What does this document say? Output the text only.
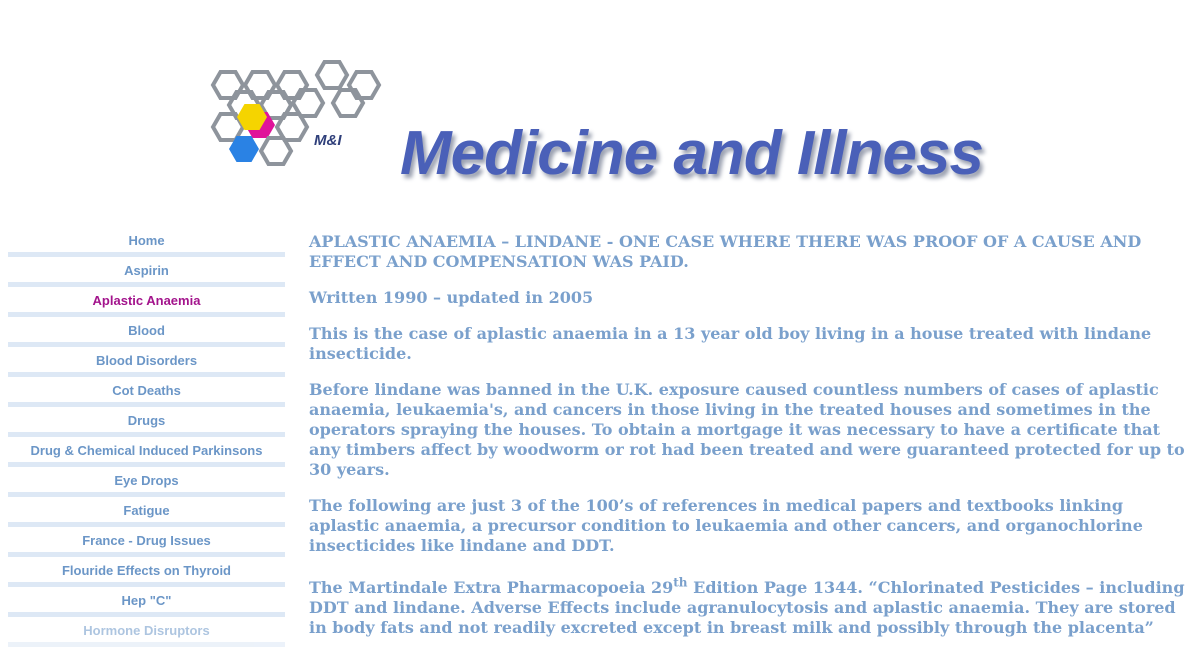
M&I Medicine and Illness
Home
Aspirin
Aplastic Anaemia
Blood
Blood Disorders
Cot Deaths
Drugs
Drug & Chemical Induced Parkinsons
Eye Drops
Fatigue
France - Drug Issues
Flouride Effects on Thyroid
Hep "C"
Hormone Disruptors

APLASTIC ANAEMIA – LINDANE - ONE CASE WHERE THERE WAS PROOF OF A CAUSE AND EFFECT AND COMPENSATION WAS PAID.

Written 1990 – updated in 2005

This is the case of aplastic anaemia in a 13 year old boy living in a house treated with lindane insecticide.

Before lindane was banned in the U.K. exposure caused countless numbers of cases of aplastic anaemia, leukaemia's, and cancers in those living in the treated houses and sometimes in the operators spraying the houses. To obtain a mortgage it was necessary to have a certificate that any timbers affect by woodworm or rot had been treated and were guaranteed protected for up to 30 years.

The following are just 3 of the 100’s of references in medical papers and textbooks linking aplastic anaemia, a precursor condition to leukaemia and other cancers, and organochlorine insecticides like lindane and DDT.

The Martindale Extra Pharmacopoeia 29th Edition Page 1344. “Chlorinated Pesticides – including DDT and lindane. Adverse Effects include agranulocytosis and aplastic anaemia. They are stored in body fats and not readily excreted except in breast milk and possibly through the placenta”
